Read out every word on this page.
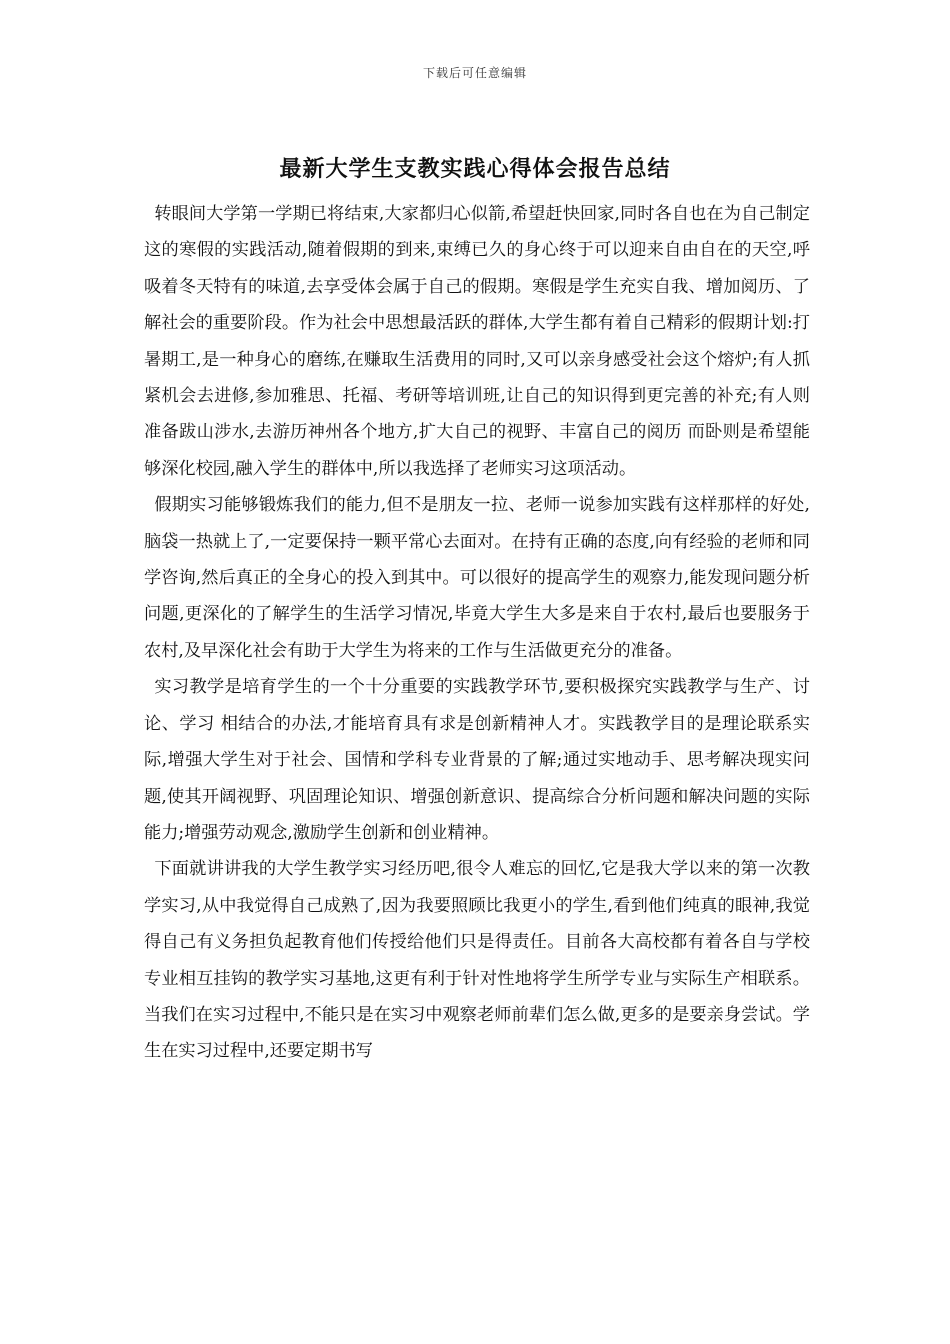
下载后可任意编辑
最新大学生支教实践心得体会报告总结

转眼间大学第一学期已将结束,大家都归心似箭,希望赶快回家,同时各自也在为自己制定这的寒假的实践活动,随着假期的到来,束缚已久的身心终于可以迎来自由自在的天空,呼吸着冬天特有的味道,去享受体会属于自己的假期。寒假是学生充实自我、增加阅历、了解社会的重要阶段。作为社会中思想最活跃的群体,大学生都有着自己精彩的假期计划:打暑期工,是一种身心的磨练,在赚取生活费用的同时,又可以亲身感受社会这个熔炉;有人抓紧机会去进修,参加雅思、托福、考研等培训班,让自己的知识得到更完善的补充;有人则准备跋山涉水,去游历神州各个地方,扩大自己的视野、丰富自己的阅历 而卧则是希望能够深化校园,融入学生的群体中,所以我选择了老师实习这项活动。

假期实习能够锻炼我们的能力,但不是朋友一拉、老师一说参加实践有这样那样的好处,脑袋一热就上了,一定要保持一颗平常心去面对。在持有正确的态度,向有经验的老师和同学咨询,然后真正的全身心的投入到其中。可以很好的提高学生的观察力,能发现问题分析问题,更深化的了解学生的生活学习情况,毕竟大学生大多是来自于农村,最后也要服务于农村,及早深化社会有助于大学生为将来的工作与生活做更充分的准备。

实习教学是培育学生的一个十分重要的实践教学环节,要积极探究实践教学与生产、讨论、学习 相结合的办法,才能培育具有求是创新精神人才。实践教学目的是理论联系实际,增强大学生对于社会、国情和学科专业背景的了解;通过实地动手、思考解决现实问题,使其开阔视野、巩固理论知识、增强创新意识、提高综合分析问题和解决问题的实际能力;增强劳动观念,激励学生创新和创业精神。

下面就讲讲我的大学生教学实习经历吧,很令人难忘的回忆,它是我大学以来的第一次教学实习,从中我觉得自己成熟了,因为我要照顾比我更小的学生,看到他们纯真的眼神,我觉得自己有义务担负起教育他们传授给他们只是得责任。目前各大高校都有着各自与学校专业相互挂钩的教学实习基地,这更有利于针对性地将学生所学专业与实际生产相联系。当我们在实习过程中,不能只是在实习中观察老师前辈们怎么做,更多的是要亲身尝试。学生在实习过程中,还要定期书写
